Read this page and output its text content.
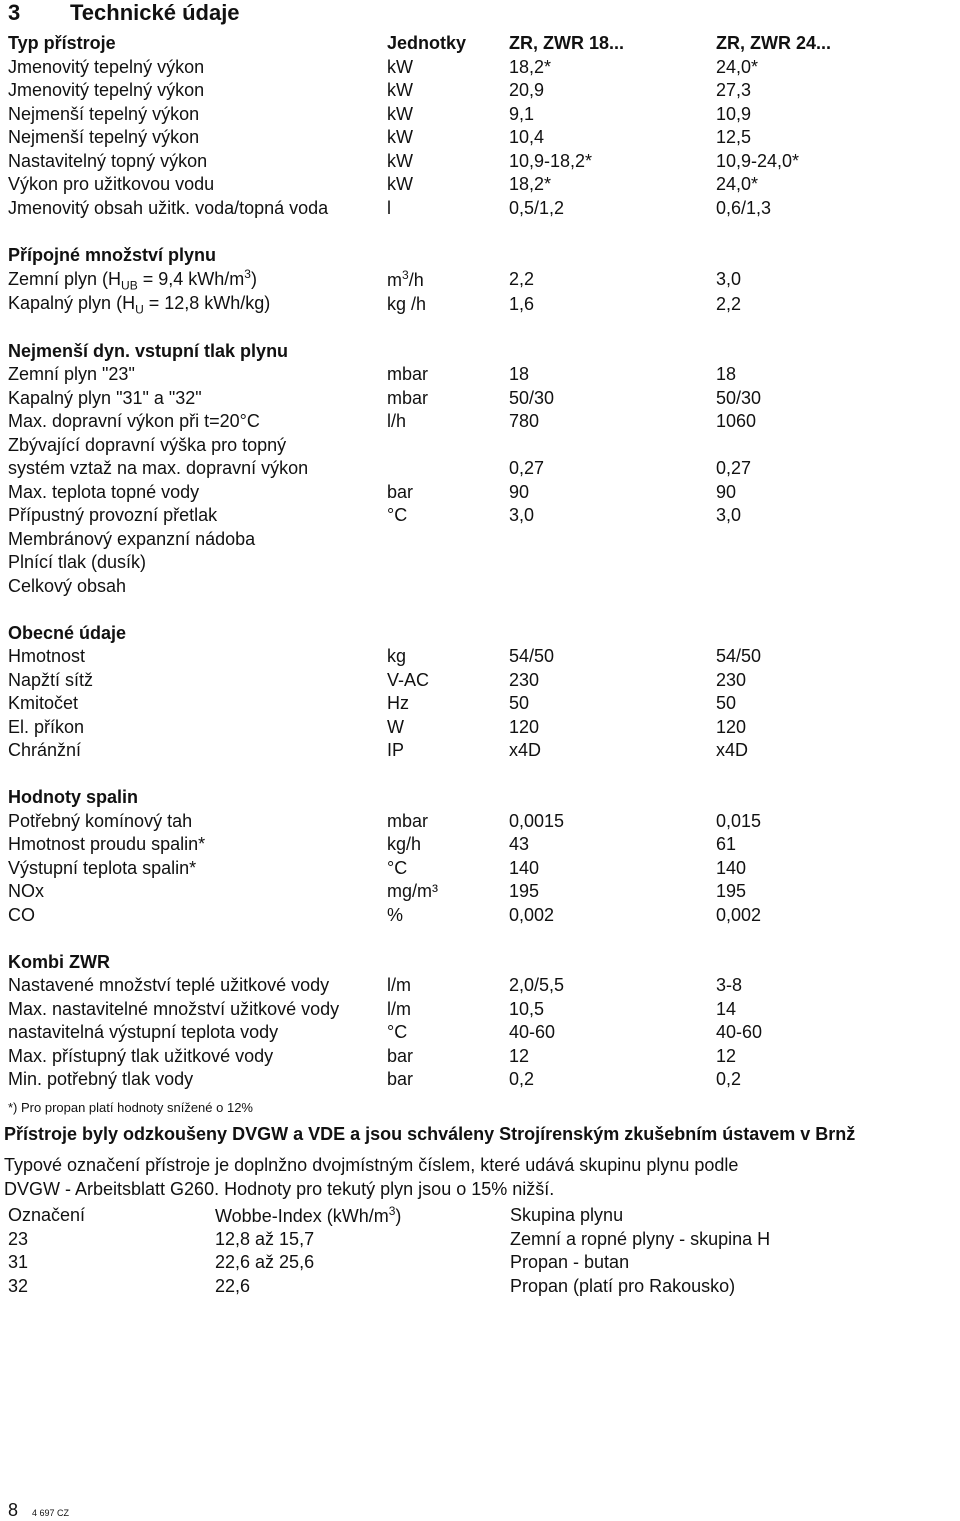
3 Technické údaje
Typ přístroje	Jednotky	ZR, ZWR 18...	ZR, ZWR 24...
Jmenovitý tepelný výkon	kW	18,2*	24,0*
Jmenovitý tepelný výkon	kW	20,9	27,3
Nejmenší tepelný výkon	kW	9,1	10,9
Nejmenší tepelný výkon	kW	10,4	12,5
Nastavitelný topný výkon	kW	10,9-18,2*	10,9-24,0*
Výkon pro užitkovou vodu	kW	18,2*	24,0*
Jmenovitý obsah užitk. voda/topná voda	l	0,5/1,2	0,6/1,3

Přípojné množství plynu			
Zemní plyn ($H_{UB} = 9,4$ kWh/$m^3$)	$m^3/h$	2,2	3,0
Kapalný plyn ($H_U = 12,8$ kWh/kg)	kg /h	1,6	2,2

Nejmenší dyn. vstupní tlak plynu			
Zemní plyn "23"	mbar	18	18
Kapalný plyn "31" a "32"	mbar	50/30	50/30
Max. dopravní výkon při t=20°C	l/h	780	1060
Zbývající dopravní výška pro topný			
systém vztaž na max. dopravní výkon		0,27	0,27
Max. teplota topné vody	bar	90	90
Přípustný provozní přetlak	°C	3,0	3,0
Membránový expanzní nádoba			
Plnící tlak (dusík)			
Celkový obsah			

Obecné údaje			
Hmotnost	kg	54/50	54/50
Napžtí sítž	V-AC	230	230
Kmitočet	Hz	50	50
El. příkon	W	120	120
Chránžní	IP	x4D	x4D

Hodnoty spalin			
Potřebný komínový tah	mbar	0,0015	0,015
Hmotnost proudu spalin*	kg/h	43	61
Výstupní teplota spalin*	°C	140	140
NOx	mg/m³	195	195
CO	%	0,002	0,002

Kombi ZWR			
Nastavené množství teplé užitkové vody	l/m	2,0/5,5	3-8
Max. nastavitelné množství užitkové vody	l/m	10,5	14
nastavitelná výstupní teplota vody	°C	40-60	40-60
Max. přístupný tlak užitkové vody	bar	12	12
Min. potřebný tlak vody	bar	0,2	0,2
*) Pro propan platí hodnoty snížené o 12%
Přístroje byly odzkoušeny DVGW a VDE a jsou schváleny Strojírenským zkušebním ústavem v Brnž
Typové označení přístroje je doplnžno dvojmístným číslem, které udává skupinu plynu podle
DVGW - Arbeitsblatt G260. Hodnoty pro tekutý plyn jsou o 15% nižší.
Označení	Wobbe-Index $(kWh/m^3)$	Skupina plynu
23	12,8 až 15,7	Zemní a ropné plyny - skupina H
31	22,6 až 25,6	Propan - butan
32	22,6	Propan (platí pro Rakousko)
8 4 697 CZ
